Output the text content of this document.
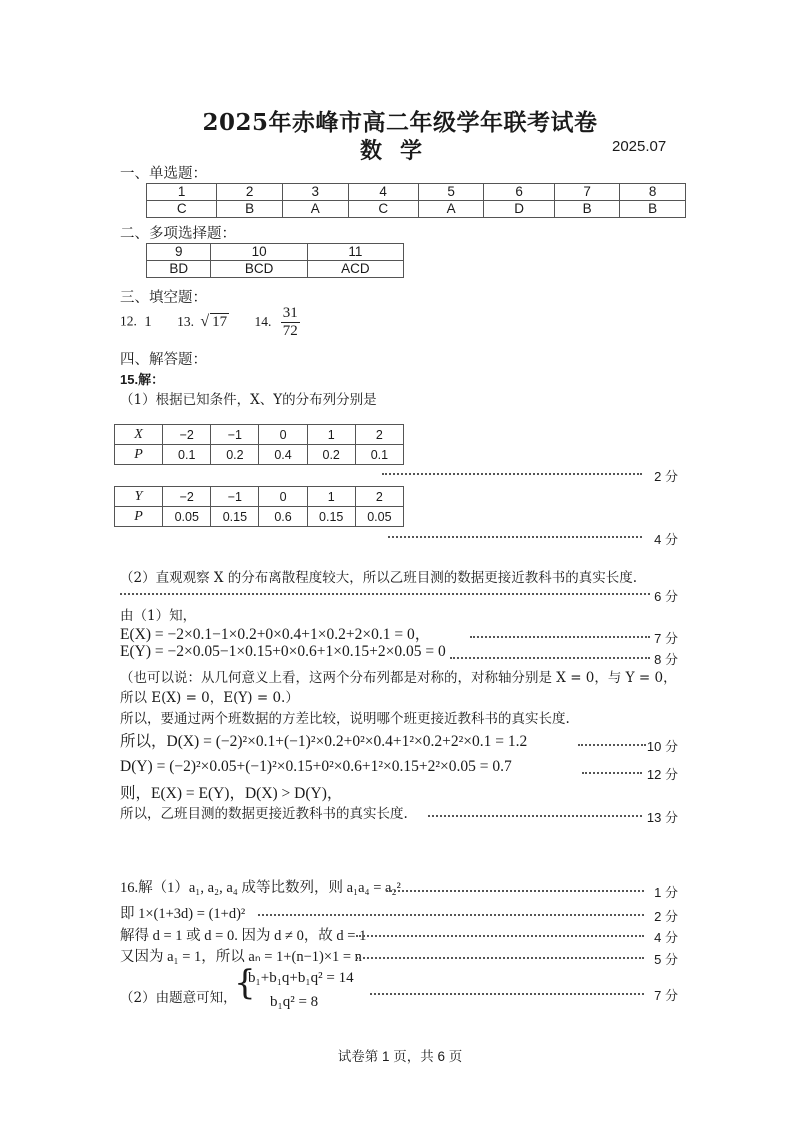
2025年赤峰市高二年级学年联考试卷
数学	2025.07
一、单选题：
1	2	3	4	5	6	7	8
C	B	A	C	A	D	B	B
二、多项选择题：
9	10	11
BD	BCD	ACD
三、填空题：
12. 1 13. √ 17 14. $\frac{31}{72}$
四、解答题：
15.解：
（1）根据已知条件，X、Y的分布列分别是
X	−2	−1	0	1	2
P	0.1	0.2	0.4	0.2	0.1
2 分
Y	−2	−1	0	1	2
P	0.05	0.15	0.6	0.15	0.05
4 分
（2）直观观察 X 的分布离散程度较大，所以乙班目测的数据更接近教科书的真实长度.
6 分
由（1）知，
E(X) = −2×0.1−1×0.2+0×0.4+1×0.2+2×0.1 = 0，	7 分
E(Y) = −2×0.05−1×0.15+0×0.6+1×0.15+2×0.05 = 0	8 分
（也可以说：从几何意义上看，这两个分布列都是对称的，对称轴分别是 X = 0，与 Y = 0，
所以 E(X) = 0，E(Y) = 0.）
所以，要通过两个班数据的方差比较，说明哪个班更接近教科书的真实长度.
所以，D(X) = (−2)²×0.1+(−1)²×0.2+0²×0.4+1²×0.2+2²×0.1 = 1.2	10 分
D(Y) = (−2)²×0.05+(−1)²×0.15+0²×0.6+1²×0.15+2²×0.05 = 0.7	12 分
则，E(X) = E(Y)，D(X) > D(Y)，
所以，乙班目测的数据更接近教科书的真实长度.	13 分
16.解（1）a₁, a₂, a₄ 成等比数列，则 a₁a₄ = a₂²	1 分
即 1×(1+3d) = (1+d)²	2 分
解得 d = 1 或 d = 0. 因为 d ≠ 0，故 d = 1	4 分
又因为 a₁ = 1，所以 aₙ = 1+(n−1)×1 = n	5 分
（2）由题意可知，
{
b₁+b₁q+b₁q² = 14
b₁q² = 8	7 分
试卷第 1 页，共 6 页
